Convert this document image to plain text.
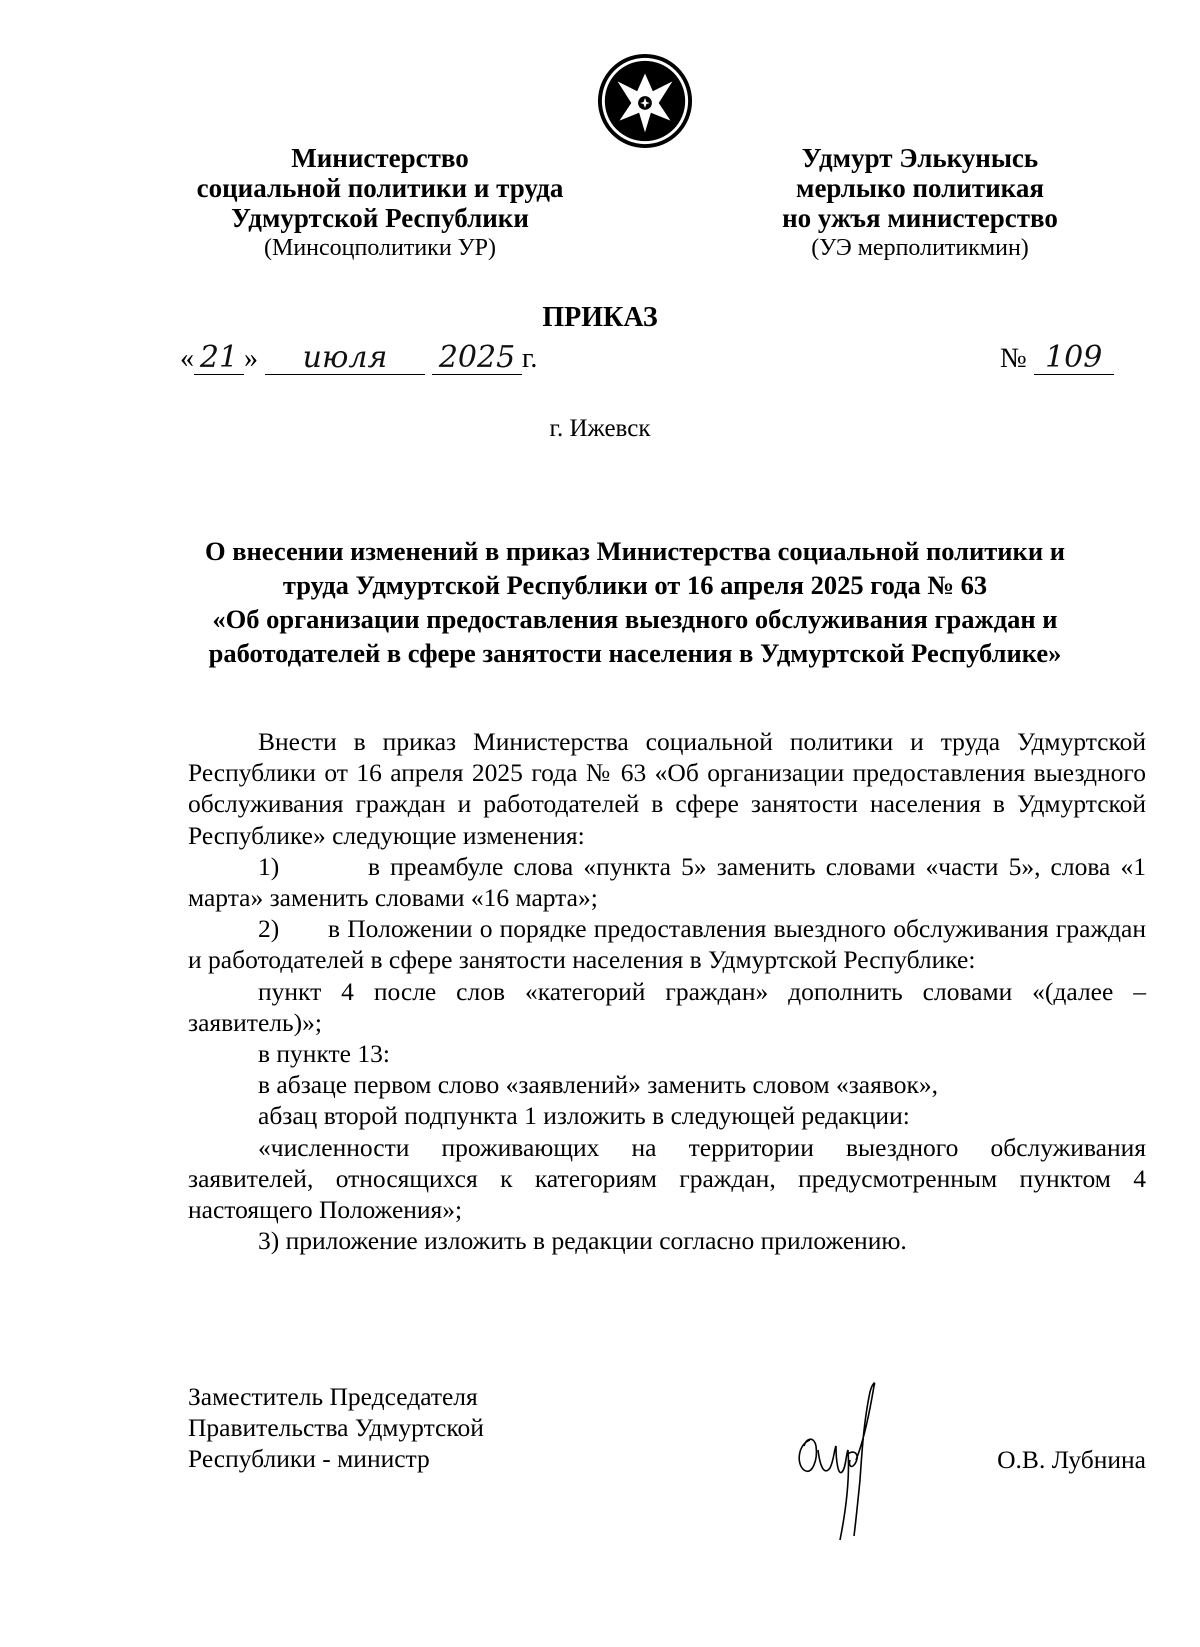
Министерство
социальной политики и труда
Удмуртской Республики
(Минсоцполитики УР)
Удмурт Элькунысь
мерлыко политикая
но ужъя министерство
(УЭ мерполитикмин)
ПРИКАЗ
« 21 » июля 2025 г.	№ 109
г. Ижевск
О внесении изменений в приказ Министерства социальной политики и
труда Удмуртской Республики от 16 апреля 2025 года № 63
«Об организации предоставления выездного обслуживания граждан и
работодателей в сфере занятости населения в Удмуртской Республике»

Внести в приказ Министерства социальной политики и труда Удмуртской Республики от 16 апреля 2025 года № 63 «Об организации предоставления выездного обслуживания граждан и работодателей в сфере занятости населения в Удмуртской Республике» следующие изменения:

1)	в преамбуле слова «пункта 5» заменить словами «части 5», слова «1 марта» заменить словами «16 марта»;

2) в Положении о порядке предоставления выездного обслуживания граждан и работодателей в сфере занятости населения в Удмуртской Республике:

пункт 4 после слов «категорий граждан» дополнить словами «(далее – заявитель)»;

в пункте 13:

в абзаце первом слово «заявлений» заменить словом «заявок»,

абзац второй подпункта 1 изложить в следующей редакции:

«численности проживающих на территории выездного обслуживания заявителей, относящихся к категориям граждан, предусмотренным пунктом 4 настоящего Положения»;

3) приложение изложить в редакции согласно приложению.

Заместитель Председателя
Правительства Удмуртской
Республики - министр	О.В. Лубнина
